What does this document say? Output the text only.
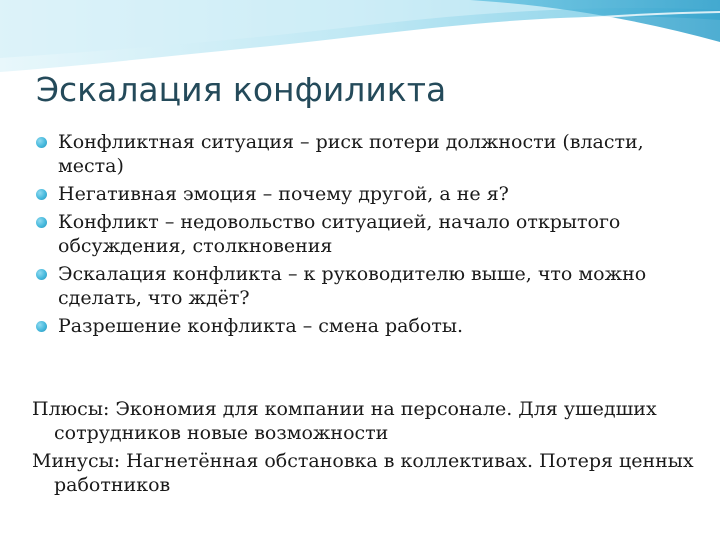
Эскалация конфиликта
Конфликтная ситуация – риск потери должности (власти, места)
Негативная эмоция – почему другой, а не я?
Конфликт – недовольство ситуацией, начало открытого обсуждения, столкновения
Эскалация конфликта – к руководителю выше, что можно сделать, что ждёт?
Разрешение конфликта – смена работы.

Плюсы: Экономия для компании на персонале. Для ушедших сотрудников новые возможности

Минусы: Нагнетённая обстановка в коллективах. Потеря ценных работников
